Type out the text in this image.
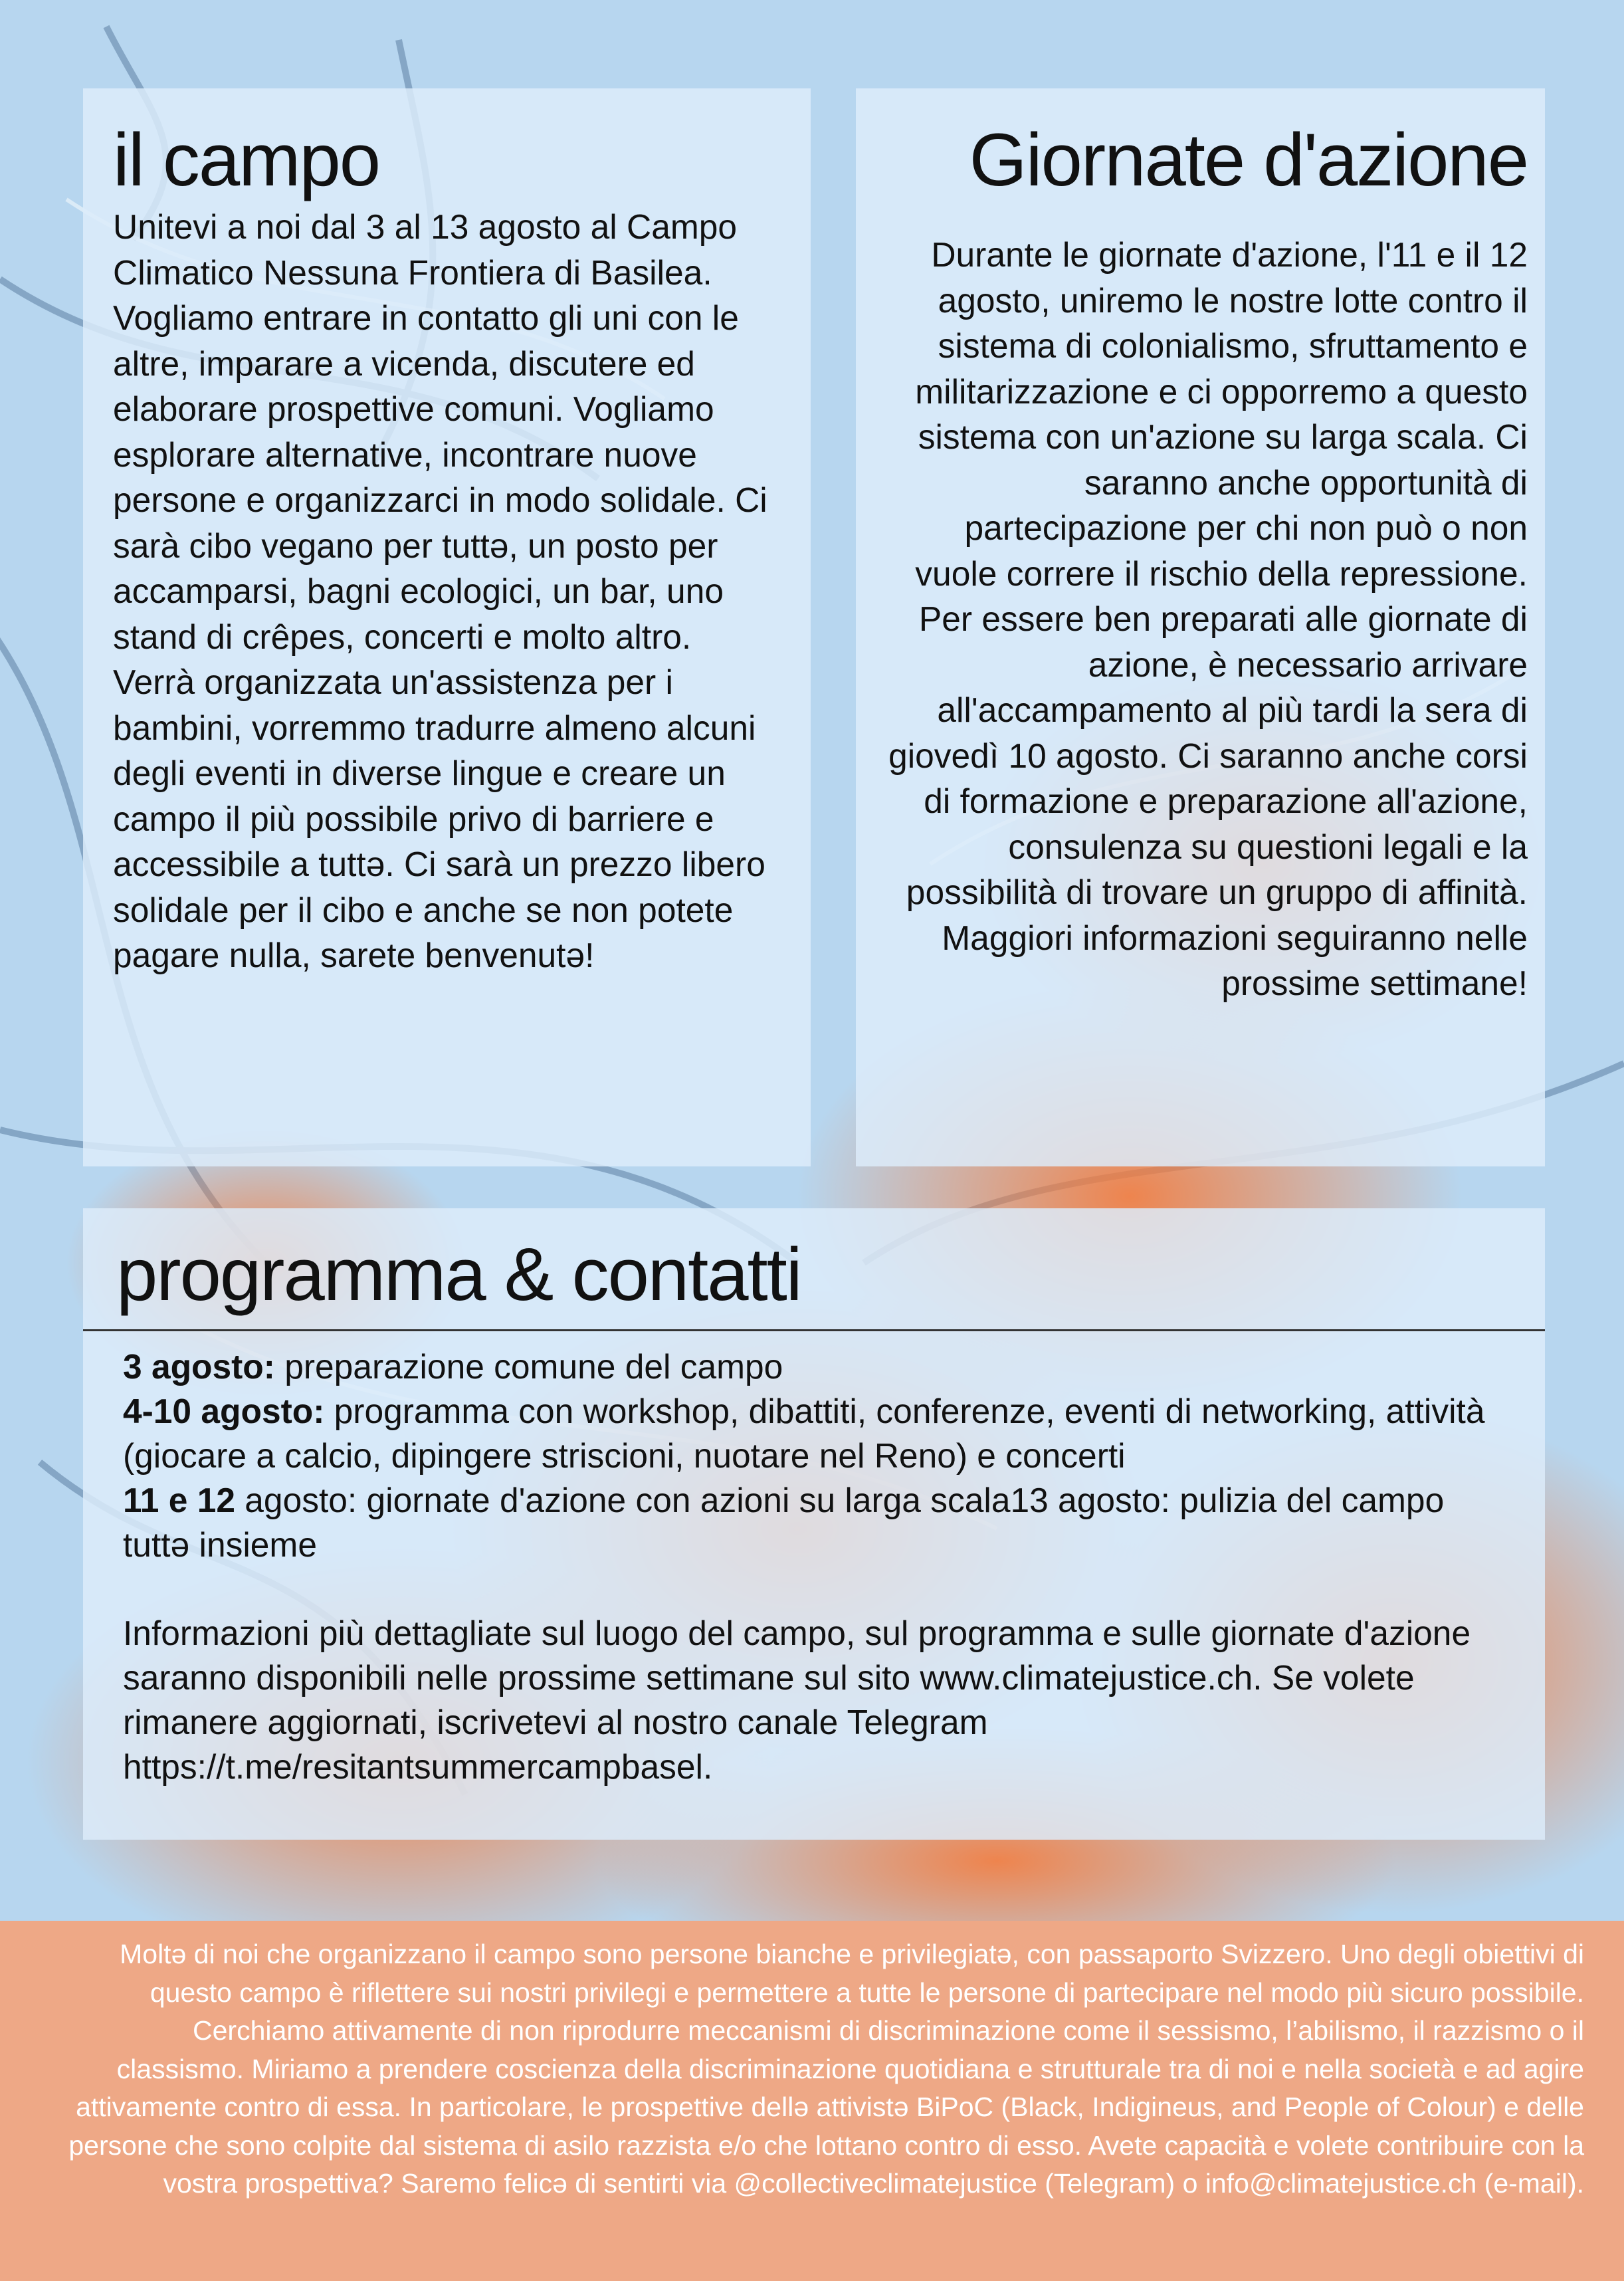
il campo

Unitevi a noi dal 3 al 13 agosto al Campo Climatico Nessuna Frontiera di Basilea. Vogliamo entrare in contatto gli uni con le altre, imparare a vicenda, discutere ed elaborare prospettive comuni. Vogliamo esplorare alternative, incontrare nuove persone e organizzarci in modo solidale. Ci sarà cibo vegano per tuttə, un posto per accamparsi, bagni ecologici, un bar, uno stand di crêpes, concerti e molto altro. Verrà organizzata un'assistenza per i bambini, vorremmo tradurre almeno alcuni degli eventi in diverse lingue e creare un campo il più possibile privo di barriere e accessibile a tuttə. Ci sarà un prezzo libero solidale per il cibo e anche se non potete pagare nulla, sarete benvenutə!

Giornate d'azione

Durante le giornate d'azione, l'11 e il 12 agosto, uniremo le nostre lotte contro il sistema di colonialismo, sfruttamento e militarizzazione e ci opporremo a questo sistema con un'azione su larga scala. Ci saranno anche opportunità di partecipazione per chi non può o non vuole correre il rischio della repressione. Per essere ben preparati alle giornate di azione, è necessario arrivare all'accampamento al più tardi la sera di giovedì 10 agosto. Ci saranno anche corsi di formazione e preparazione all'azione, consulenza su questioni legali e la possibilità di trovare un gruppo di affinità. Maggiori informazioni seguiranno nelle prossime settimane!

programma & contatti

3 agosto: preparazione comune del campo

4-10 agosto: programma con workshop, dibattiti, conferenze, eventi di networking, attività (giocare a calcio, dipingere striscioni, nuotare nel Reno) e concerti

11 e 12 agosto: giornate d'azione con azioni su larga scala13 agosto: pulizia del campo tuttə insieme

Informazioni più dettagliate sul luogo del campo, sul programma e sulle giornate d'azione saranno disponibili nelle prossime settimane sul sito www.climatejustice.ch. Se volete rimanere aggiornati, iscrivetevi al nostro canale Telegram https://t.me/resitantsummercampbasel.

Moltə di noi che organizzano il campo sono persone bianche e privilegiatə, con passaporto Svizzero. Uno degli obiettivi di questo campo è riflettere sui nostri privilegi e permettere a tutte le persone di partecipare nel modo più sicuro possibile. Cerchiamo attivamente di non riprodurre meccanismi di discriminazione come il sessismo, l’abilismo, il razzismo o il classismo. Miriamo a prendere coscienza della discriminazione quotidiana e strutturale tra di noi e nella società e ad agire attivamente contro di essa. In particolare, le prospettive dellə attivistə BiPoC (Black, Indigineus, and People of Colour) e delle persone che sono colpite dal sistema di asilo razzista e/o che lottano contro di esso. Avete capacità e volete contribuire con la vostra prospettiva? Saremo felicə di sentirti via @collectiveclimatejustice (Telegram) o info@climatejustice.ch (e-mail).
